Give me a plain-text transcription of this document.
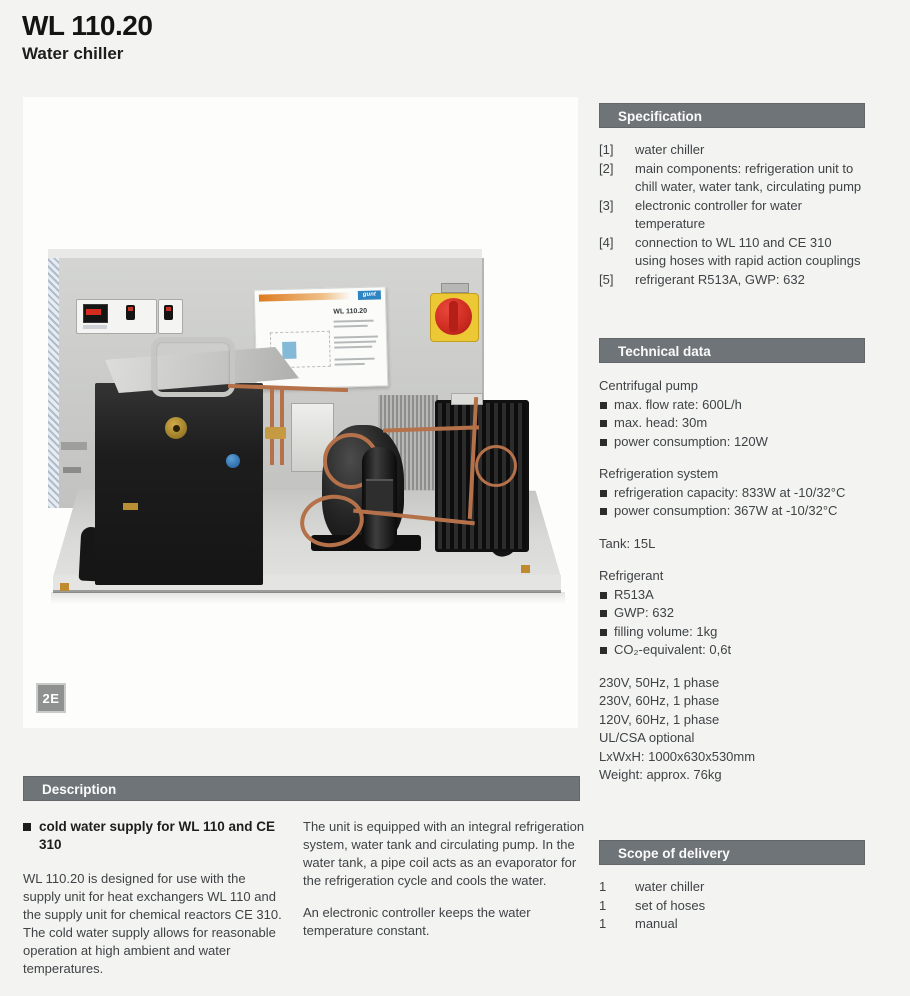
WL 110.20
Water chiller
gunt
WL 110.20
2E
Specification
[1]	water chiller
[2]	main components: refrigeration unit to chill water, water tank, circulating pump
[3]	electronic controller for water temperature
[4]	connection to WL 110 and CE 310 using hoses with rapid action couplings
[5]	refrigerant R513A, GWP: 632
Technical data
Centrifugal pump
max. flow rate: 600L/h
max. head: 30m
power consumption: 120W
Refrigeration system
refrigeration capacity: 833W at -10/32°C
power consumption: 367W at -10/32°C
Tank: 15L
Refrigerant
R513A
GWP: 632
filling volume: 1kg
CO₂-equivalent: 0,6t
230V, 50Hz, 1 phase
230V, 60Hz, 1 phase
120V, 60Hz, 1 phase
UL/CSA optional
LxWxH: 1000x630x530mm
Weight: approx. 76kg
Scope of delivery
1	water chiller
1	set of hoses
1	manual
Description
cold water supply for WL 110 and CE 310
WL 110.20 is designed for use with the supply unit for heat exchangers WL 110 and the supply unit for chemical reactors CE 310. The cold water supply allows for reasonable operation at high ambient and water temperatures.
The unit is equipped with an integral refrigeration system, water tank and circulating pump. In the water tank, a pipe coil acts as an evaporator for the refrigeration cycle and cools the water.
An electronic controller keeps the water temperature constant.
